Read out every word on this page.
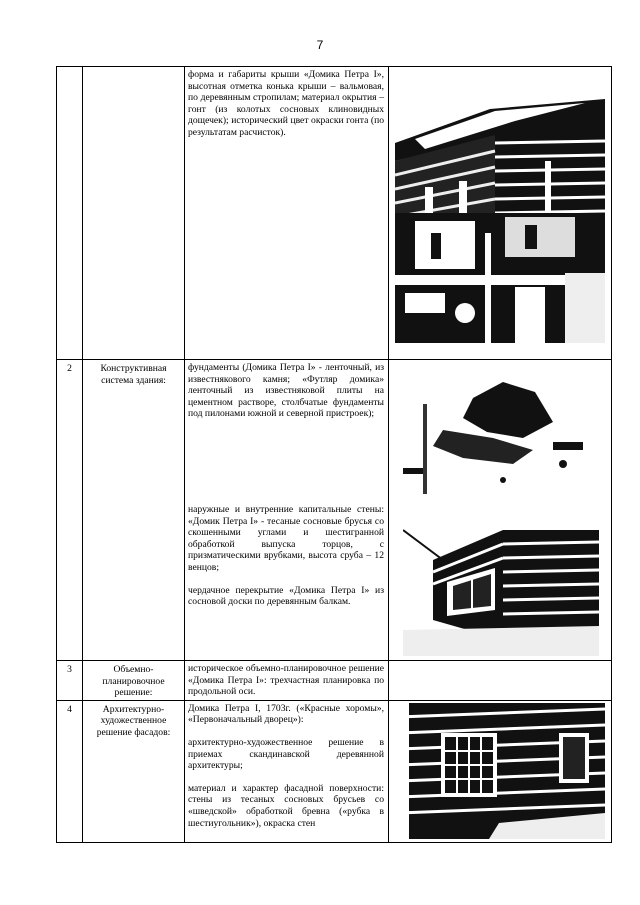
7

		форма и габариты крыши «Домика Петра I», высотная отметка конька крыши – вальмовая, по деревянным стропилам; материал окрытия – гонт (из колотых сосновых клиновидных дощечек); исторический цвет окраски гонта (по результатам расчисток).

2	Конструктивная система здания:	фундаменты (Домика Петра I» - ленточный, из известнякового камня; «Футляр домика» ленточный из известняковой плиты на цементном растворе, столбчатые фундаменты под пилонами южной и северной пристроек);

наружные и внутренние капитальные стены: «Домик Петра I» - тесаные сосновые брусья со скошенными углами и шестигранной обработкой выпуска торцов, с призматическими врубками, высота сруба – 12 венцов;

чердачное перекрытие «Домика Петра I» из сосновой доски по деревянным балкам.

3	Объемно-планировочное решение:	историческое объемно-планировочное решение «Домика Петра I»: трехчастная планировка по продольной оси.	

4	Архитектурно-художественное решение фасадов:	Домика Петра I, 1703г. («Красные хоромы», «Первоначальный дворец»):

архитектурно-художественное решение в приемах скандинавской деревянной архитектуры;

материал и характер фасадной поверхности: стены из тесаных сосновых брусьев со «шведской» обработкой бревна («рубка в шестиугольник»), окраска стен
